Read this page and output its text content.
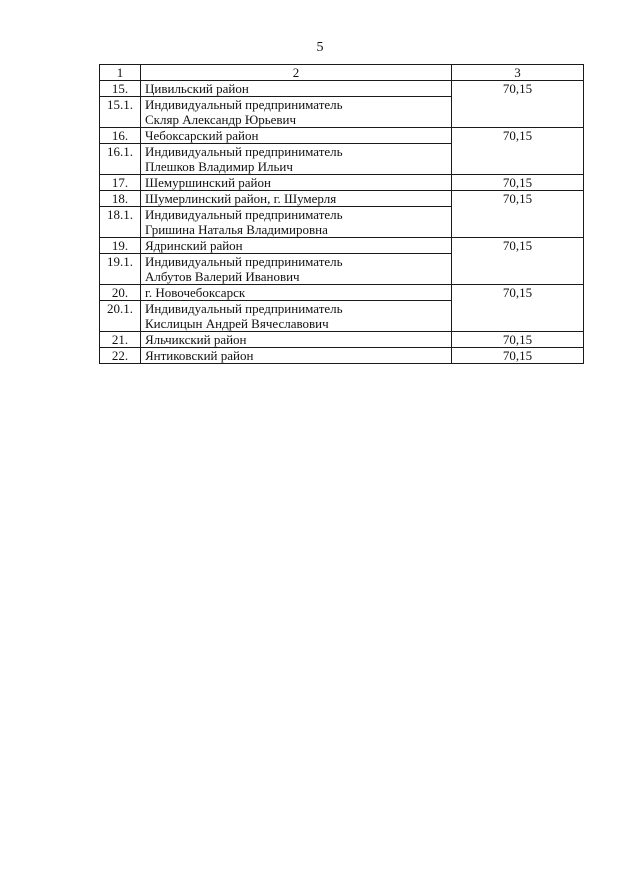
5
1	2	3
15.	Цивильский район	70,15
15.1.	Индивидуальный предприниматель
Скляр Александр Юрьевич	

16.	Чебоксарский район	70,15
16.1.	Индивидуальный предприниматель
Плешков Владимир Ильич	

17.	Шемуршинский район	70,15
18.	Шумерлинский район, г. Шумерля	70,15
18.1.	Индивидуальный предприниматель
Гришина Наталья Владимировна	

19.	Ядринский район	70,15
19.1.	Индивидуальный предприниматель
Албутов Валерий Иванович	

20.	г. Новочебоксарск	70,15
20.1.	Индивидуальный предприниматель
Кислицын Андрей Вячеславович	

21.	Яльчикский район	70,15
22.	Янтиковский район	70,15
